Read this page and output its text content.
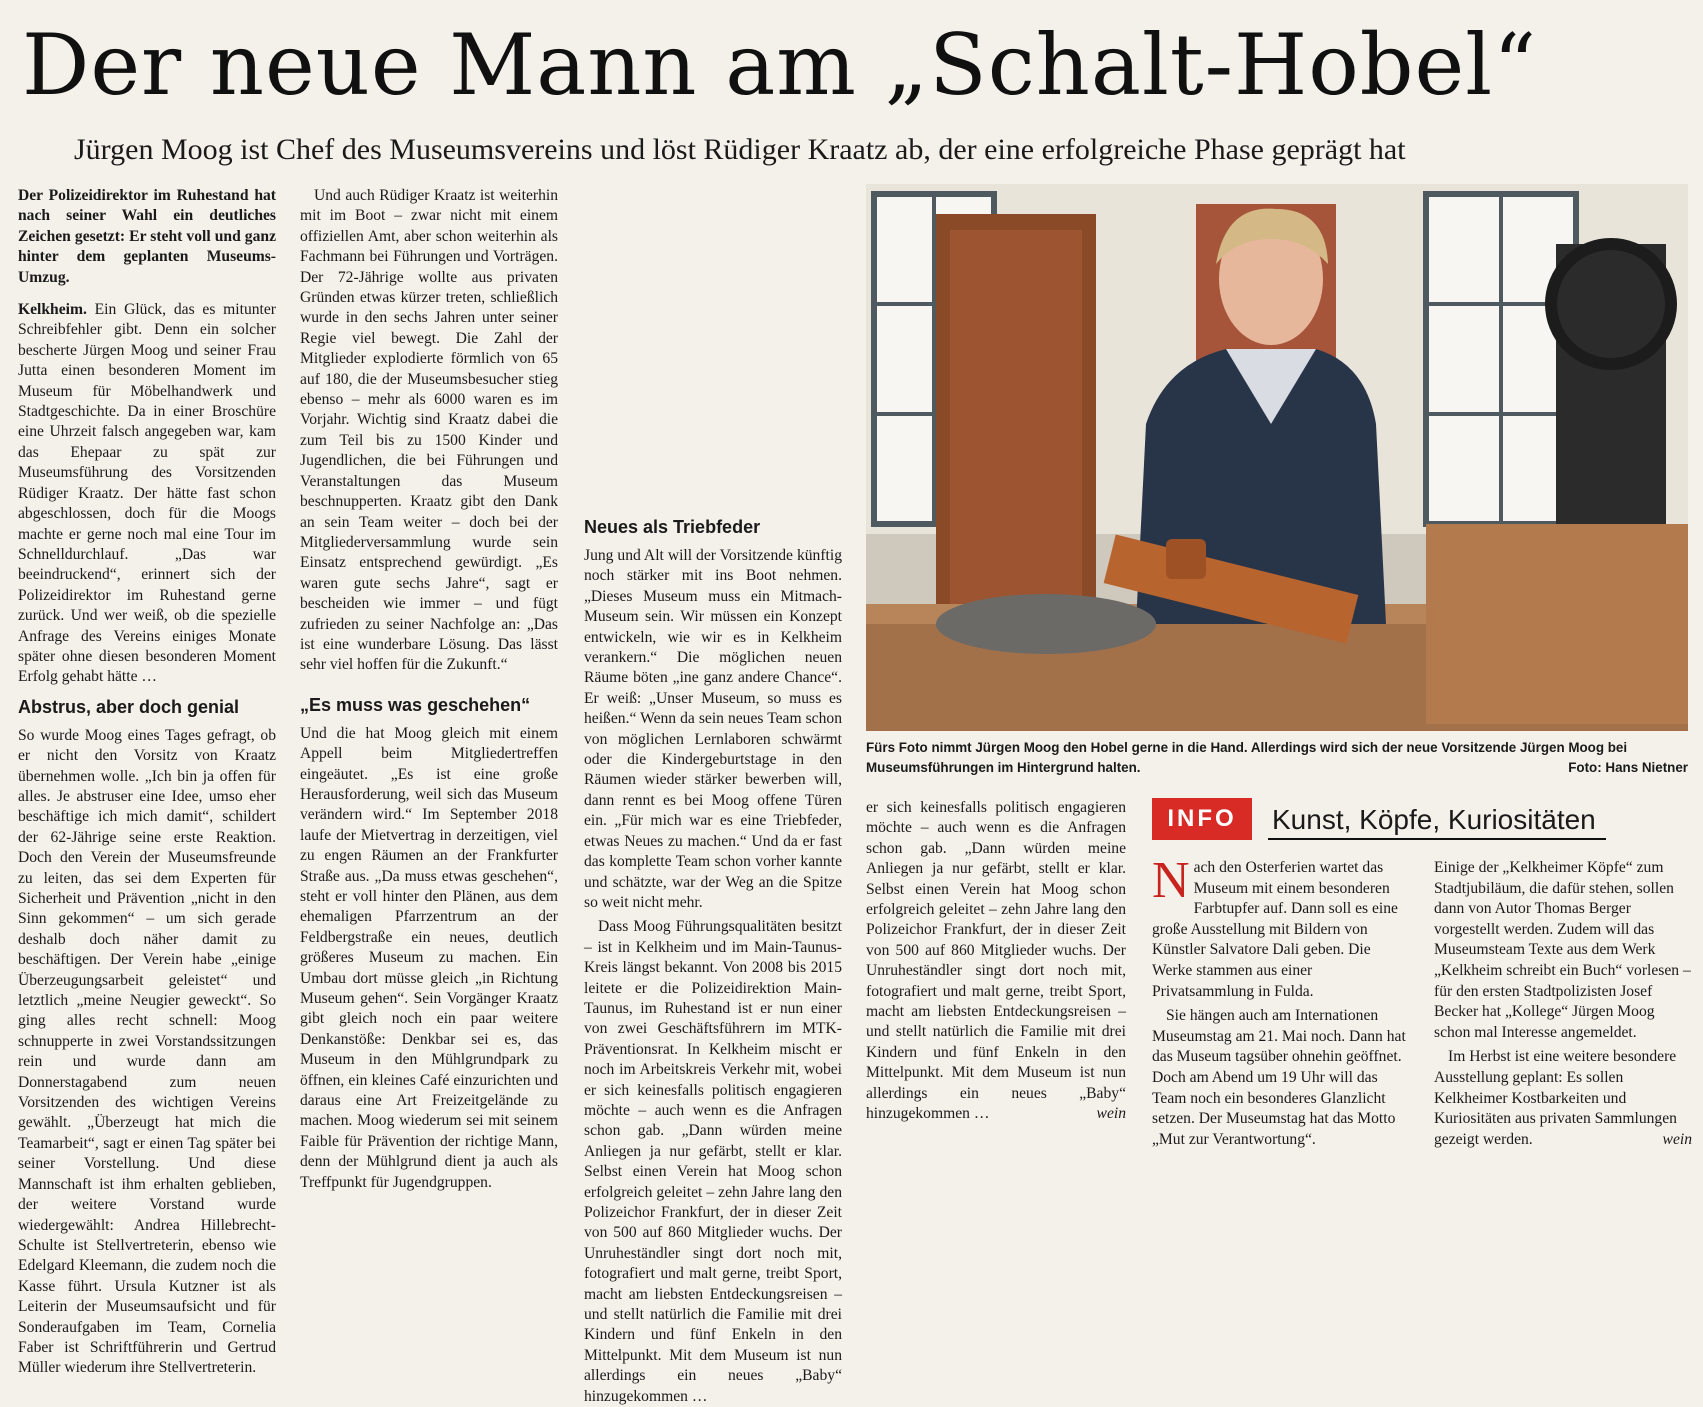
Der neue Mann am „Schalt-Hobel“
Jürgen Moog ist Chef des Museumsvereins und löst Rüdiger Kraatz ab, der eine erfolgreiche Phase geprägt hat

Der Polizeidirektor im Ruhestand hat nach seiner Wahl ein deutliches Zeichen gesetzt: Er steht voll und ganz hinter dem geplanten Museums-Umzug.

Kelkheim. Ein Glück, das es mitunter Schreibfehler gibt. Denn ein solcher bescherte Jürgen Moog und seiner Frau Jutta einen besonderen Moment im Museum für Möbelhandwerk und Stadtgeschichte. Da in einer Broschüre eine Uhrzeit falsch angegeben war, kam das Ehepaar zu spät zur Museumsführung des Vorsitzenden Rüdiger Kraatz. Der hätte fast schon abgeschlossen, doch für die Moogs machte er gerne noch mal eine Tour im Schnelldurchlauf. „Das war beeindruckend“, erinnert sich der Polizeidirektor im Ruhestand gerne zurück. Und wer weiß, ob die spezielle Anfrage des Vereins einiges Monate später ohne diesen besonderen Moment Erfolg gehabt hätte …

Abstrus, aber doch genial

So wurde Moog eines Tages gefragt, ob er nicht den Vorsitz von Kraatz übernehmen wolle. „Ich bin ja offen für alles. Je abstruser eine Idee, umso eher beschäftige ich mich damit“, schildert der 62-Jährige seine erste Reaktion. Doch den Verein der Museumsfreunde zu leiten, das sei dem Experten für Sicherheit und Prävention „nicht in den Sinn gekommen“ – um sich gerade deshalb doch näher damit zu beschäftigen. Der Verein habe „einige Überzeugungsarbeit geleistet“ und letztlich „meine Neugier geweckt“. So ging alles recht schnell: Moog schnupperte in zwei Vorstandssitzungen rein und wurde dann am Donnerstagabend zum neuen Vorsitzenden des wichtigen Vereins gewählt. „Überzeugt hat mich die Teamarbeit“, sagt er einen Tag später bei seiner Vorstellung. Und diese Mannschaft ist ihm erhalten geblieben, der weitere Vorstand wurde wiedergewählt: Andrea Hillebrecht-Schulte ist Stellvertreterin, ebenso wie Edelgard Kleemann, die zudem noch die Kasse führt. Ursula Kutzner ist als Leiterin der Museumsaufsicht und für Sonderaufgaben im Team, Cornelia Faber ist Schriftführerin und Gertrud Müller wiederum ihre Stellvertreterin.

Und auch Rüdiger Kraatz ist weiterhin mit im Boot – zwar nicht mit einem offiziellen Amt, aber schon weiterhin als Fachmann bei Führungen und Vorträgen. Der 72-Jährige wollte aus privaten Gründen etwas kürzer treten, schließlich wurde in den sechs Jahren unter seiner Regie viel bewegt. Die Zahl der Mitglieder explodierte förmlich von 65 auf 180, die der Museumsbesucher stieg ebenso – mehr als 6000 waren es im Vorjahr. Wichtig sind Kraatz dabei die zum Teil bis zu 1500 Kinder und Jugendlichen, die bei Führungen und Veranstaltungen das Museum beschnupperten. Kraatz gibt den Dank an sein Team weiter – doch bei der Mitgliederversammlung wurde sein Einsatz entsprechend gewürdigt. „Es waren gute sechs Jahre“, sagt er bescheiden wie immer – und fügt zufrieden zu seiner Nachfolge an: „Das ist eine wunderbare Lösung. Das lässt sehr viel hoffen für die Zukunft.“

„Es muss was geschehen“

Und die hat Moog gleich mit einem Appell beim Mitgliedertreffen eingeäutet. „Es ist eine große Herausforderung, weil sich das Museum verändern wird.“ Im September 2018 laufe der Mietvertrag in derzeitigen, viel zu engen Räumen an der Frankfurter Straße aus. „Da muss etwas geschehen“, steht er voll hinter den Plänen, aus dem ehemaligen Pfarrzentrum an der Feldbergstraße ein neues, deutlich größeres Museum zu machen. Ein Umbau dort müsse gleich „in Richtung Museum gehen“. Sein Vorgänger Kraatz gibt gleich noch ein paar weitere Denkanstöße: Denkbar sei es, das Museum in den Mühlgrundpark zu öffnen, ein kleines Café einzurichten und daraus eine Art Freizeitgelände zu machen. Moog wiederum sei mit seinem Faible für Prävention der richtige Mann, denn der Mühlgrund dient ja auch als Treffpunkt für Jugendgruppen.

Neues als Triebfeder

Jung und Alt will der Vorsitzende künftig noch stärker mit ins Boot nehmen. „Dieses Museum muss ein Mitmach-Museum sein. Wir müssen ein Konzept entwickeln, wie wir es in Kelkheim verankern.“ Die möglichen neuen Räume böten „ine ganz andere Chance“. Er weiß: „Unser Museum, so muss es heißen.“ Wenn da sein neues Team schon von möglichen Lernlaboren schwärmt oder die Kindergeburtstage in den Räumen wieder stärker bewerben will, dann rennt es bei Moog offene Türen ein. „Für mich war es eine Triebfeder, etwas Neues zu machen.“ Und da er fast das komplette Team schon vorher kannte und schätzte, war der Weg an die Spitze so weit nicht mehr.

Dass Moog Führungsqualitäten besitzt – ist in Kelkheim und im Main-Taunus-Kreis längst bekannt. Von 2008 bis 2015 leitete er die Polizeidirektion Main-Taunus, im Ruhestand ist er nun einer von zwei Geschäftsführern im MTK-Präventionsrat. In Kelkheim mischt er noch im Arbeitskreis Verkehr mit, wobei er sich keinesfalls politisch engagieren möchte – auch wenn es die Anfragen schon gab. „Dann würden meine Anliegen ja nur gefärbt, stellt er klar. Selbst einen Verein hat Moog schon erfolgreich geleitet – zehn Jahre lang den Polizeichor Frankfurt, der in dieser Zeit von 500 auf 860 Mitglieder wuchs. Der Unruheständler singt dort noch mit, fotografiert und malt gerne, treibt Sport, macht am liebsten Entdeckungsreisen – und stellt natürlich die Familie mit drei Kindern und fünf Enkeln in den Mittelpunkt. Mit dem Museum ist nun allerdings ein neues „Baby“ hinzugekommen …

er sich keinesfalls politisch engagieren möchte – auch wenn es die Anfragen schon gab. „Dann würden meine Anliegen ja nur gefärbt, stellt er klar. Selbst einen Verein hat Moog schon erfolgreich geleitet – zehn Jahre lang den Polizeichor Frankfurt, der in dieser Zeit von 500 auf 860 Mitglieder wuchs. Der Unruheständler singt dort noch mit, fotografiert und malt gerne, treibt Sport, macht am liebsten Entdeckungsreisen – und stellt natürlich die Familie mit drei Kindern und fünf Enkeln in den Mittelpunkt. Mit dem Museum ist nun allerdings ein neues „Baby“ hinzugekommen …	wein

Fürs Foto nimmt Jürgen Moog den Hobel gerne in die Hand. Allerdings wird sich der neue Vorsitzende Jürgen Moog bei Museumsführungen im Hintergrund halten.	Foto: Hans Nietner
INFO	Kunst, Köpfe, Kuriositäten

Nach den Osterferien wartet das Museum mit einem besonderen Farbtupfer auf. Dann soll es eine große Ausstellung mit Bildern von Künstler Salvatore Dali geben. Die Werke stammen aus einer Privatsammlung in Fulda.

Sie hängen auch am Internationen Museumstag am 21. Mai noch. Dann hat das Museum tagsüber ohnehin geöffnet. Doch am Abend um 19 Uhr will das Team noch ein besonderes Glanzlicht setzen. Der Museumstag hat das Motto „Mut zur Verantwortung“.

Einige der „Kelkheimer Köpfe“ zum Stadtjubiläum, die dafür stehen, sollen dann von Autor Thomas Berger vorgestellt werden. Zudem will das Museumsteam Texte aus dem Werk „Kelkheim schreibt ein Buch“ vorlesen – für den ersten Stadtpolizisten Josef Becker hat „Kollege“ Jürgen Moog schon mal Interesse angemeldet.

Im Herbst ist eine weitere besondere Ausstellung geplant: Es sollen Kelkheimer Kostbarkeiten und Kuriositäten aus privaten Sammlungen gezeigt werden.	wein
